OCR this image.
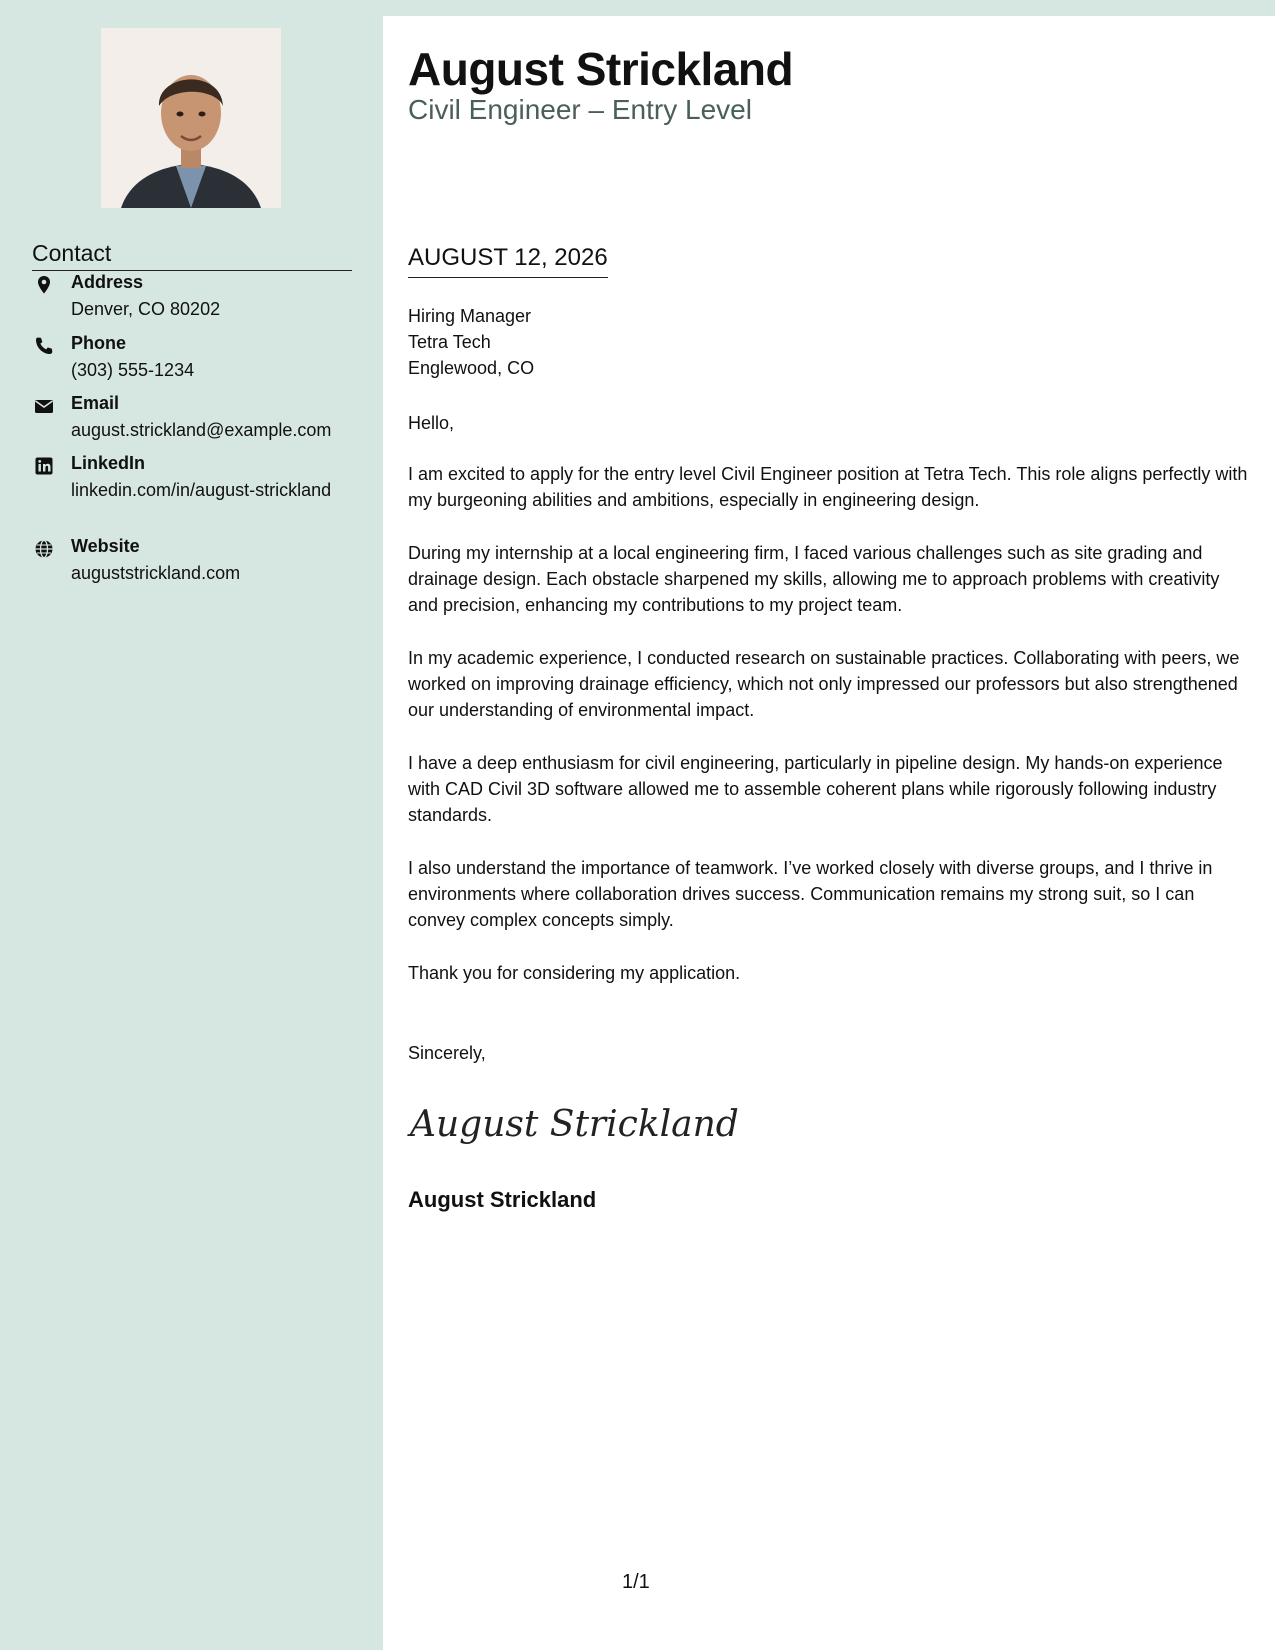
Contact
Address
Denver, CO 80202
Phone
(303) 555-1234
Email
august.strickland@example.com
LinkedIn
linkedin.com/in/august-strickland
Website
auguststrickland.com
August Strickland
Civil Engineer – Entry Level
AUGUST 12, 2026
Hiring Manager
Tetra Tech
Englewood, CO

Hello,

I am excited to apply for the entry level Civil Engineer position at Tetra Tech. This role aligns perfectly with my burgeoning abilities and ambitions, especially in engineering design.

During my internship at a local engineering firm, I faced various challenges such as site grading and drainage design. Each obstacle sharpened my skills, allowing me to approach problems with creativity and precision, enhancing my contributions to my project team.

In my academic experience, I conducted research on sustainable practices. Collaborating with peers, we worked on improving drainage efficiency, which not only impressed our professors but also strengthened our understanding of environmental impact.

I have a deep enthusiasm for civil engineering, particularly in pipeline design. My hands-on experience with CAD Civil 3D software allowed me to assemble coherent plans while rigorously following industry standards.

I also understand the importance of teamwork. I’ve worked closely with diverse groups, and I thrive in environments where collaboration drives success. Communication remains my strong suit, so I can convey complex concepts simply.

Thank you for considering my application.

Sincerely,
August Strickland
August Strickland
1/1
